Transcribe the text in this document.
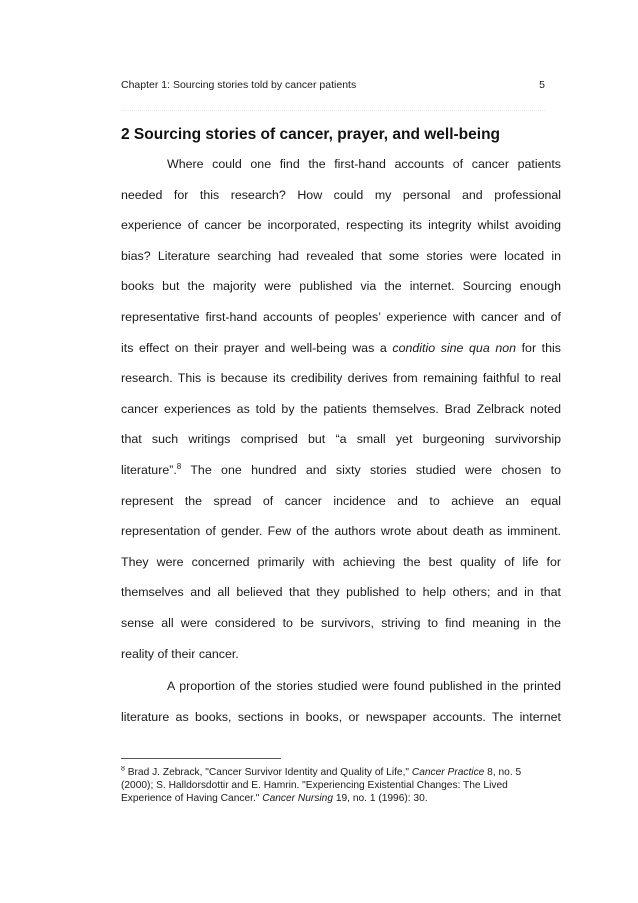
Chapter 1: Sourcing stories told by cancer patients	5
2 Sourcing stories of cancer, prayer, and well-being
Where could one find the first-hand accounts of cancer patients
needed for this research? How could my personal and professional
experience of cancer be incorporated, respecting its integrity whilst avoiding
bias? Literature searching had revealed that some stories were located in
books but the majority were published via the internet. Sourcing enough
representative first-hand accounts of peoples’ experience with cancer and of
its effect on their prayer and well-being was a conditio sine qua non for this
research. This is because its credibility derives from remaining faithful to real
cancer experiences as told by the patients themselves. Brad Zelbrack noted
that such writings comprised but “a small yet burgeoning survivorship
literature”.$^8$ The one hundred and sixty stories studied were chosen to
represent the spread of cancer incidence and to achieve an equal
representation of gender. Few of the authors wrote about death as imminent.
They were concerned primarily with achieving the best quality of life for
themselves and all believed that they published to help others; and in that
sense all were considered to be survivors, striving to find meaning in the
reality of their cancer.
A proportion of the stories studied were found published in the printed
literature as books, sections in books, or newspaper accounts. The internet
$^8$ Brad J. Zebrack, "Cancer Survivor Identity and Quality of Life," Cancer Practice 8, no. 5
(2000); S. Halldorsdottir and E. Hamrin. "Experiencing Existential Changes: The Lived
Experience of Having Cancer." Cancer Nursing 19, no. 1 (1996): 30.
